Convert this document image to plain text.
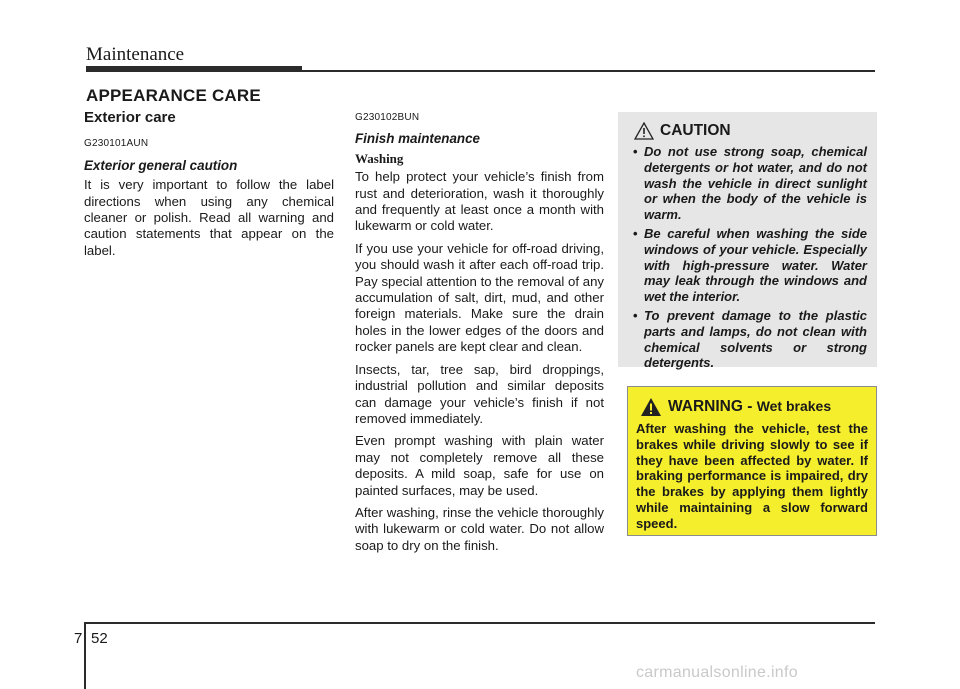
Maintenance
APPEARANCE CARE
Exterior care
G230101AUN
Exterior general caution

It is very important to follow the label directions when using any chemical cleaner or polish. Read all warning and caution statements that appear on the label.

G230102BUN
Finish maintenance
Washing

To help protect your vehicle’s finish from rust and deterioration, wash it thoroughly and frequently at least once a month with lukewarm or cold water.

If you use your vehicle for off-road driving, you should wash it after each off-road trip. Pay special attention to the removal of any accumulation of salt, dirt, mud, and other foreign materials. Make sure the drain holes in the lower edges of the doors and rocker panels are kept clear and clean.

Insects, tar, tree sap, bird droppings, industrial pollution and similar deposits can damage your vehicle’s finish if not removed immediately.

Even prompt washing with plain water may not completely remove all these deposits. A mild soap, safe for use on painted surfaces, may be used.

After washing, rinse the vehicle thoroughly with lukewarm or cold water. Do not allow soap to dry on the finish.

CAUTION
• Do not use strong soap, chemical detergents or hot water, and do not wash the vehicle in direct sunlight or when the body of the vehicle is warm.
• Be careful when washing the side windows of your vehicle. Especially with high-pressure water. Water may leak through the windows and wet the interior.
• To prevent damage to the plastic parts and lamps, do not clean with chemical solvents or strong detergents.
WARNING - Wet brakes

After washing the vehicle, test the brakes while driving slowly to see if they have been affected by water. If braking performance is impaired, dry the brakes by applying them lightly while maintaining a slow forward speed.

7 52
carmanualsonline.info
